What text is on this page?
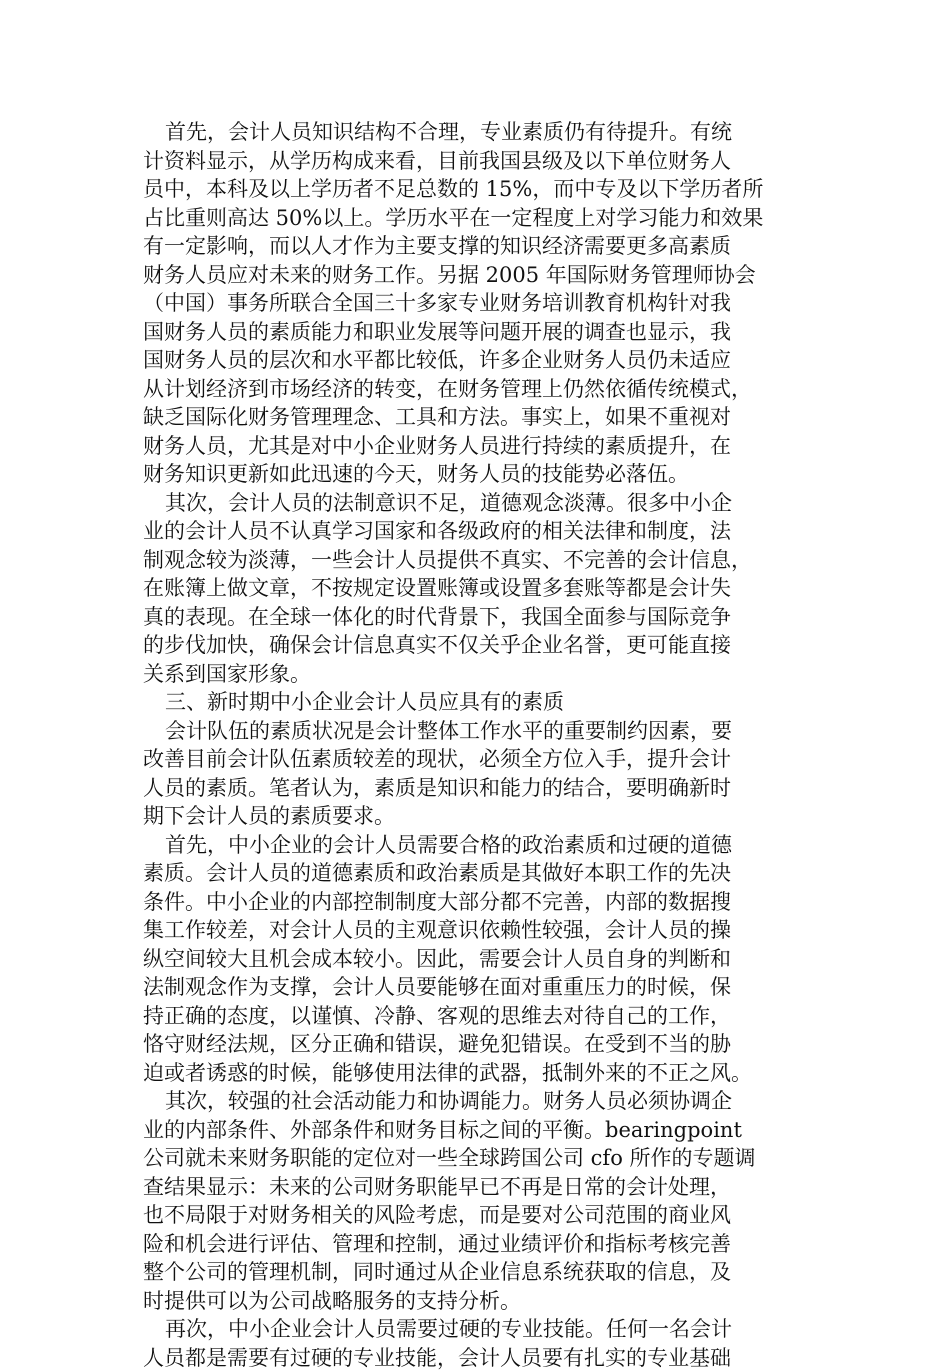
首先，会计人员知识结构不合理，专业素质仍有待提升。有统
计资料显示，从学历构成来看，目前我国县级及以下单位财务人
员中，本科及以上学历者不足总数的 15%，而中专及以下学历者所
占比重则高达 50%以上。学历水平在一定程度上对学习能力和效果
有一定影响，而以人才作为主要支撑的知识经济需要更多高素质
财务人员应对未来的财务工作。另据 2005 年国际财务管理师协会
（中国）事务所联合全国三十多家专业财务培训教育机构针对我
国财务人员的素质能力和职业发展等问题开展的调查也显示，我
国财务人员的层次和水平都比较低，许多企业财务人员仍未适应
从计划经济到市场经济的转变，在财务管理上仍然依循传统模式，
缺乏国际化财务管理理念、工具和方法。事实上，如果不重视对
财务人员，尤其是对中小企业财务人员进行持续的素质提升，在
财务知识更新如此迅速的今天，财务人员的技能势必落伍。
其次，会计人员的法制意识不足，道德观念淡薄。很多中小企
业的会计人员不认真学习国家和各级政府的相关法律和制度，法
制观念较为淡薄，一些会计人员提供不真实、不完善的会计信息，
在账簿上做文章，不按规定设置账簿或设置多套账等都是会计失
真的表现。在全球一体化的时代背景下，我国全面参与国际竞争
的步伐加快，确保会计信息真实不仅关乎企业名誉，更可能直接
关系到国家形象。
三、新时期中小企业会计人员应具有的素质
会计队伍的素质状况是会计整体工作水平的重要制约因素，要
改善目前会计队伍素质较差的现状，必须全方位入手，提升会计
人员的素质。笔者认为，素质是知识和能力的结合，要明确新时
期下会计人员的素质要求。
首先，中小企业的会计人员需要合格的政治素质和过硬的道德
素质。会计人员的道德素质和政治素质是其做好本职工作的先决
条件。中小企业的内部控制制度大部分都不完善，内部的数据搜
集工作较差，对会计人员的主观意识依赖性较强，会计人员的操
纵空间较大且机会成本较小。因此，需要会计人员自身的判断和
法制观念作为支撑，会计人员要能够在面对重重压力的时候，保
持正确的态度，以谨慎、冷静、客观的思维去对待自己的工作，
恪守财经法规，区分正确和错误，避免犯错误。在受到不当的胁
迫或者诱惑的时候，能够使用法律的武器，抵制外来的不正之风。
其次，较强的社会活动能力和协调能力。财务人员必须协调企
业的内部条件、外部条件和财务目标之间的平衡。bearingpoint
公司就未来财务职能的定位对一些全球跨国公司 cfo 所作的专题调
查结果显示：未来的公司财务职能早已不再是日常的会计处理，
也不局限于对财务相关的风险考虑，而是要对公司范围的商业风
险和机会进行评估、管理和控制，通过业绩评价和指标考核完善
整个公司的管理机制，同时通过从企业信息系统获取的信息，及
时提供可以为公司战略服务的支持分析。
再次，中小企业会计人员需要过硬的专业技能。任何一名会计
人员都是需要有过硬的专业技能，会计人员要有扎实的专业基础
